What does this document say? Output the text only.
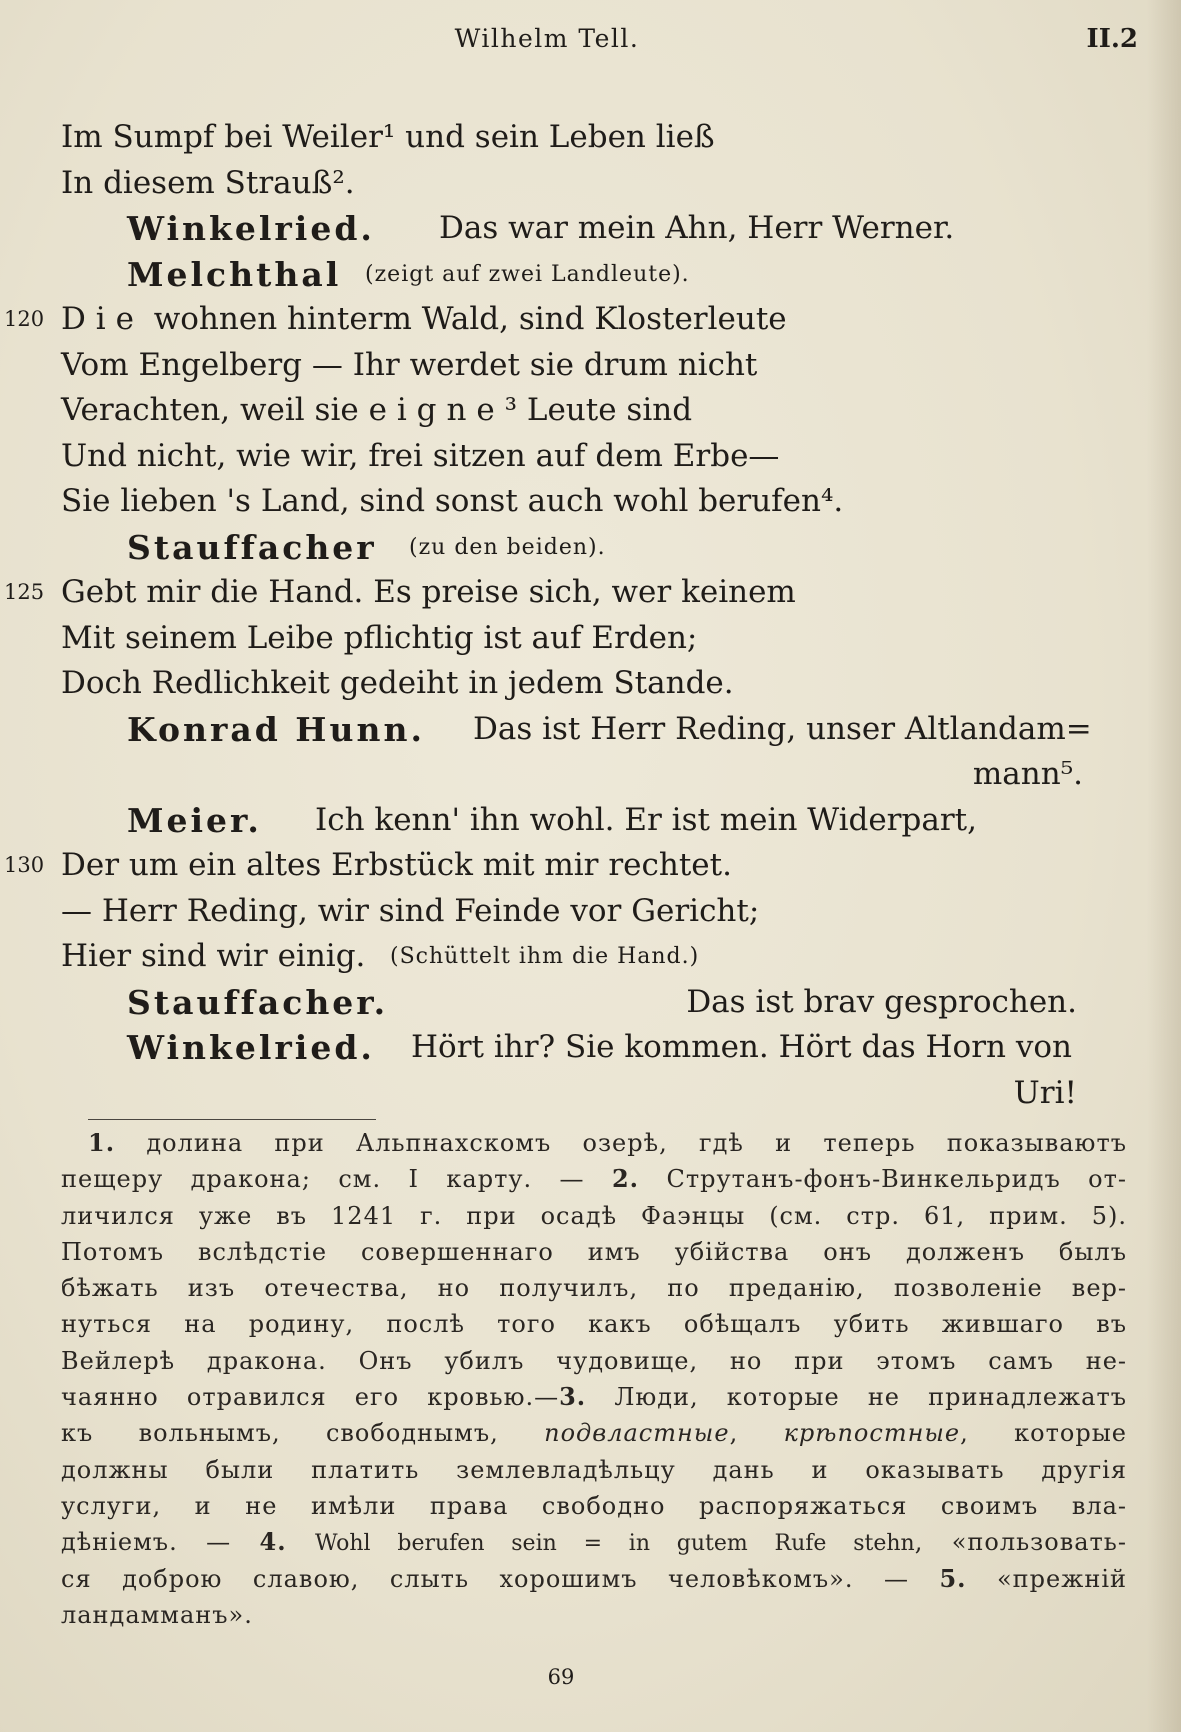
Wilhelm Tell.	II.2
Im Sumpf bei Weiler¹ und sein Leben ließ
In diesem Strauß².
Winkelried. Das war mein Ahn, Herr Werner.
Melchthal (zeigt auf zwei Landleute).
120 Die wohnen hinterm Wald, sind Klosterleute
Vom Engelberg — Ihr werdet sie drum nicht
Verachten, weil sie eigne³ Leute sind
Und nicht, wie wir, frei sitzen auf dem Erbe—
Sie lieben 's Land, sind sonst auch wohl berufen⁴.
Stauffacher (zu den beiden).
125 Gebt mir die Hand. Es preise sich, wer keinem
Mit seinem Leibe pflichtig ist auf Erden;
Doch Redlichkeit gedeiht in jedem Stande.
Konrad Hunn. Das ist Herr Reding, unser Altlandam=
mann⁵.
Meier. Ich kenn' ihn wohl. Er ist mein Widerpart,
130 Der um ein altes Erbstück mit mir rechtet.
— Herr Reding, wir sind Feinde vor Gericht;
Hier sind wir einig. (Schüttelt ihm die Hand.)
Stauffacher.	Das ist brav gesprochen.
Winkelried. Hört ihr? Sie kommen. Hört das Horn von
Uri!
1. долина при Альпнахскомъ озерѣ, гдѣ и теперь показываютъ
пещеру дракона; см. I карту. — 2. Струтанъ-фонъ-Винкельридъ от-
личился уже въ 1241 г. при осадѣ Фаэнцы (см. стр. 61, прим. 5).
Потомъ вслѣдстіе совершеннаго имъ убійства онъ долженъ былъ
бѣжать изъ отечества, но получилъ, по преданію, позволеніе вер-
нуться на родину, послѣ того какъ обѣщалъ убить жившаго въ
Вейлерѣ дракона. Онъ убилъ чудовище, но при этомъ самъ не-
чаянно отравился его кровью.—3. Люди, которые не принадлежатъ
къ вольнымъ, свободнымъ, подвластные, крѣпостные, которые
должны были платить землевладѣльцу дань и оказывать другія
услуги, и не имѣли права свободно распоряжаться своимъ вла-
дѣніемъ. — 4. Wohl berufen sein = in gutem Rufe stehn, «пользовать-
ся доброю славою, слыть хорошимъ человѣкомъ». — 5. «прежній
ландамманъ».
69
